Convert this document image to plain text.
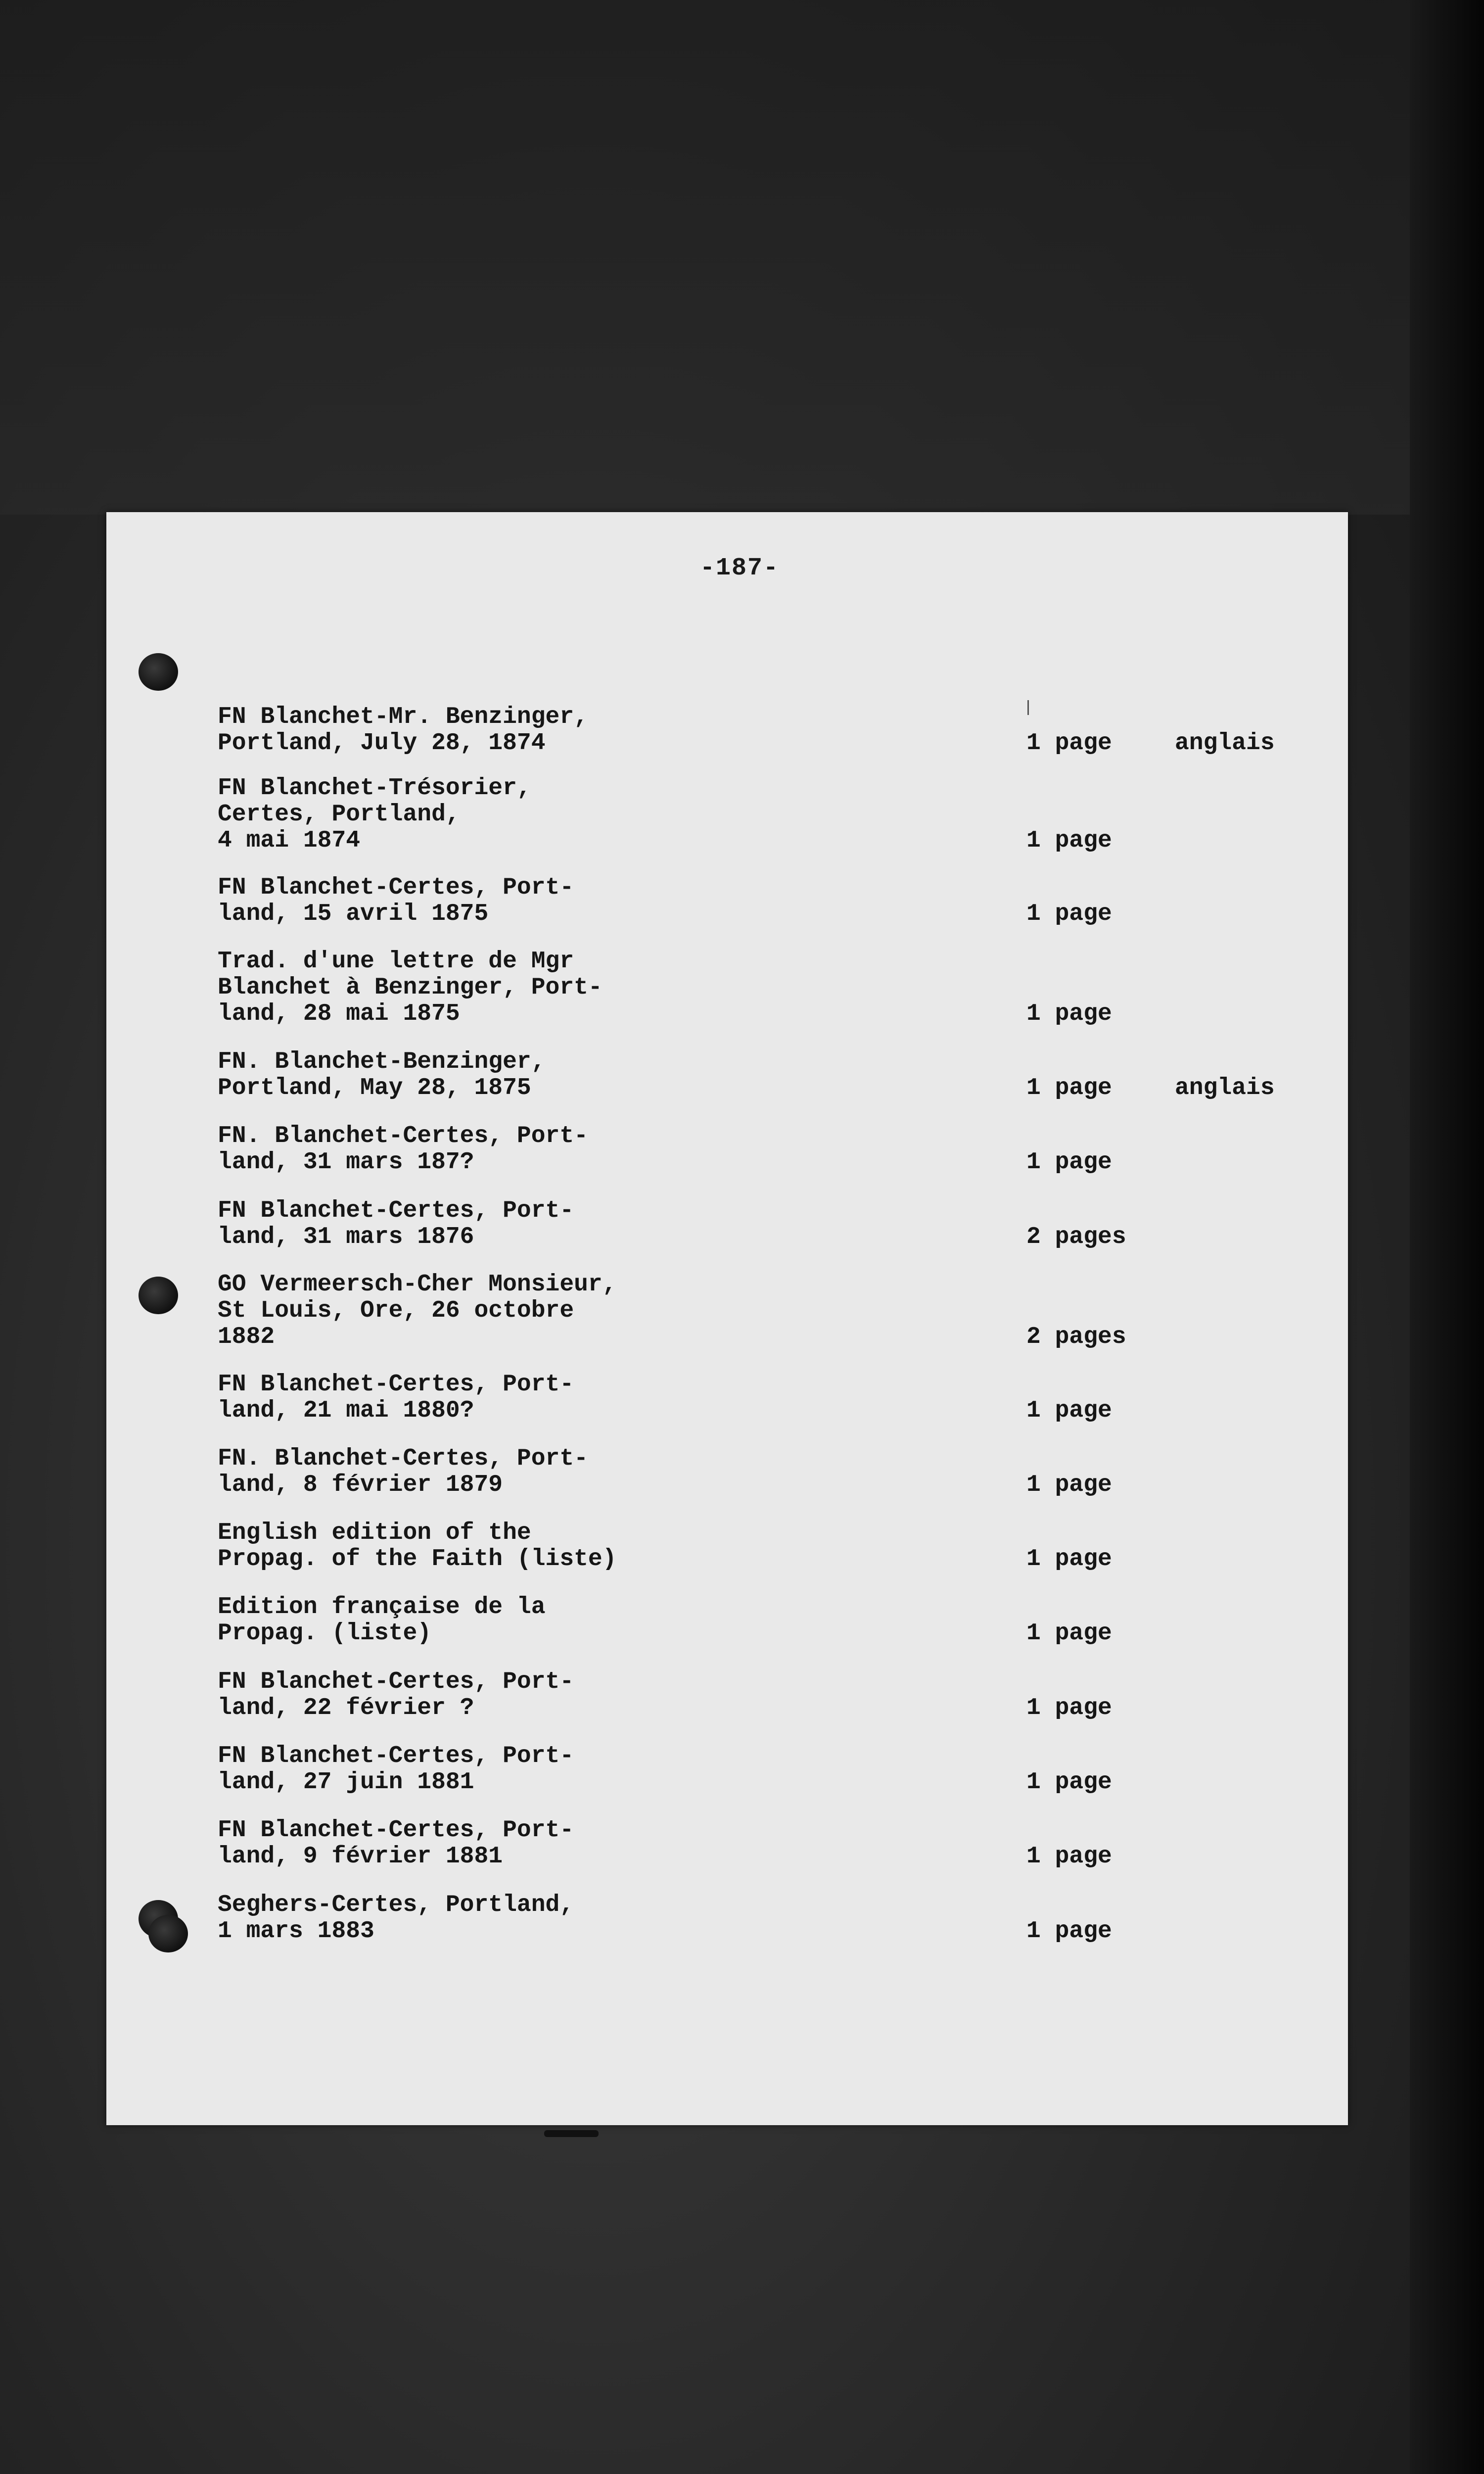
-187-
FN Blanchet-Mr. Benzinger,
Portland, July 28, 1874	1 page	anglais
FN Blanchet-Trésorier,
Certes, Portland,
4 mai 1874	1 page
FN Blanchet-Certes, Port-
land, 15 avril 1875	1 page
Trad. d'une lettre de Mgr
Blanchet à Benzinger, Port-
land, 28 mai 1875	1 page
FN. Blanchet-Benzinger,
Portland, May 28, 1875	1 page	anglais
FN. Blanchet-Certes, Port-
land, 31 mars 187?	1 page
FN Blanchet-Certes, Port-
land, 31 mars 1876	2 pages
GO Vermeersch-Cher Monsieur,
St Louis, Ore, 26 octobre
1882	2 pages
FN Blanchet-Certes, Port-
land, 21 mai 1880?	1 page
FN. Blanchet-Certes, Port-
land, 8 février 1879	1 page
English edition of the
Propag. of the Faith (liste)	1 page
Edition française de la
Propag. (liste)	1 page
FN Blanchet-Certes, Port-
land, 22 février ?	1 page
FN Blanchet-Certes, Port-
land, 27 juin 1881	1 page
FN Blanchet-Certes, Port-
land, 9 février 1881	1 page
Seghers-Certes, Portland,
1 mars 1883	1 page
